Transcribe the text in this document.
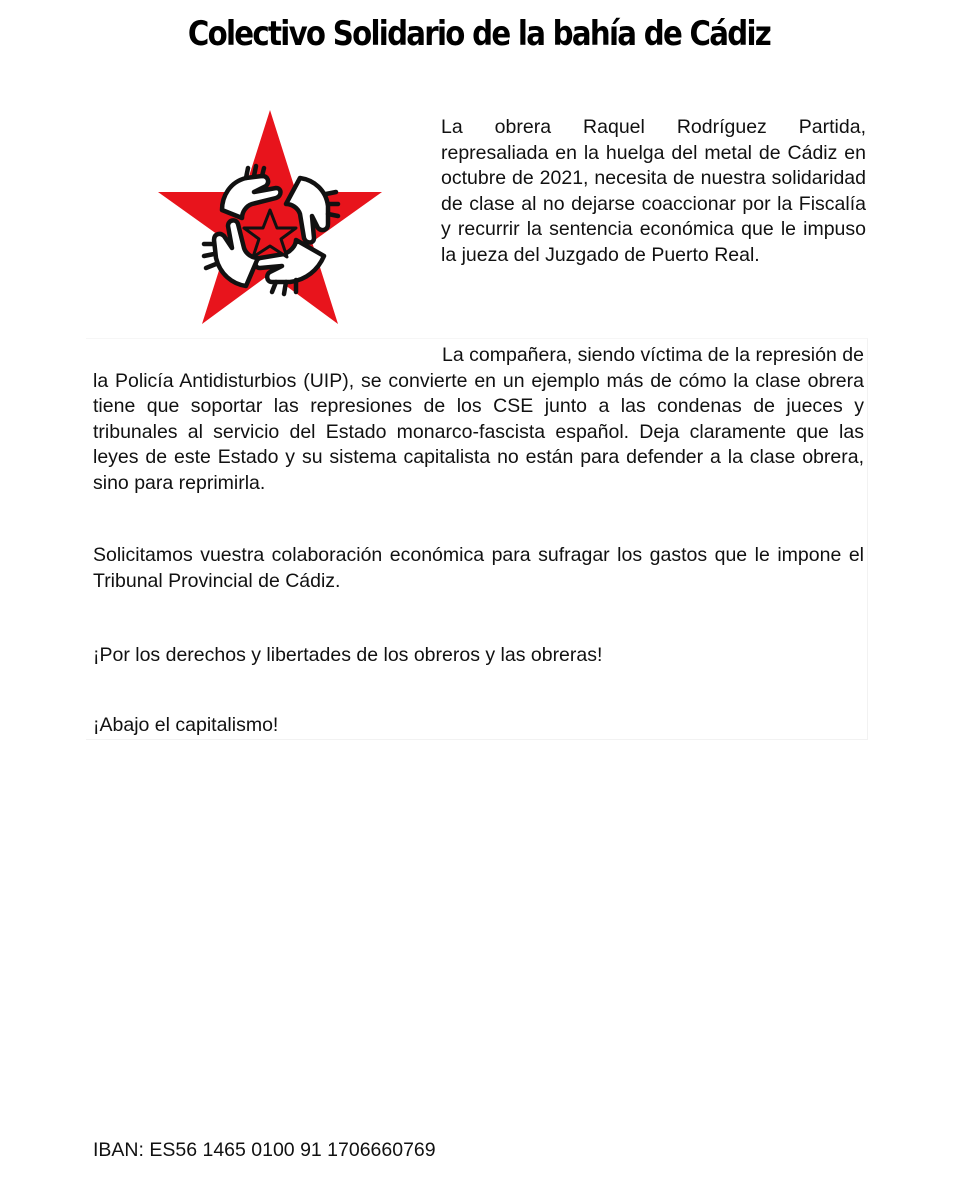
Colectivo Solidario de la bahía de Cádiz

La obrera Raquel Rodríguez Partida, represaliada en la huelga del metal de Cádiz en octubre de 2021, necesita de nuestra solidaridad de clase al no dejarse coaccionar por la Fiscalía y recurrir la sentencia económica que le impuso la jueza del Juzgado de Puerto Real.

La compañera, siendo víctima de la represión de la Policía Antidisturbios (UIP), se convierte en un ejemplo más de cómo la clase obrera tiene que soportar las represiones de los CSE junto a las condenas de jueces y tribunales al servicio del Estado monarco-fascista español. Deja claramente que las leyes de este Estado y su sistema capitalista no están para defender a la clase obrera, sino para reprimirla.

Solicitamos vuestra colaboración económica para sufragar los gastos que le impone el Tribunal Provincial de Cádiz.

¡Por los derechos y libertades de los obreros y las obreras!

¡Abajo el capitalismo!

IBAN: ES56 1465 0100 91 1706660769
